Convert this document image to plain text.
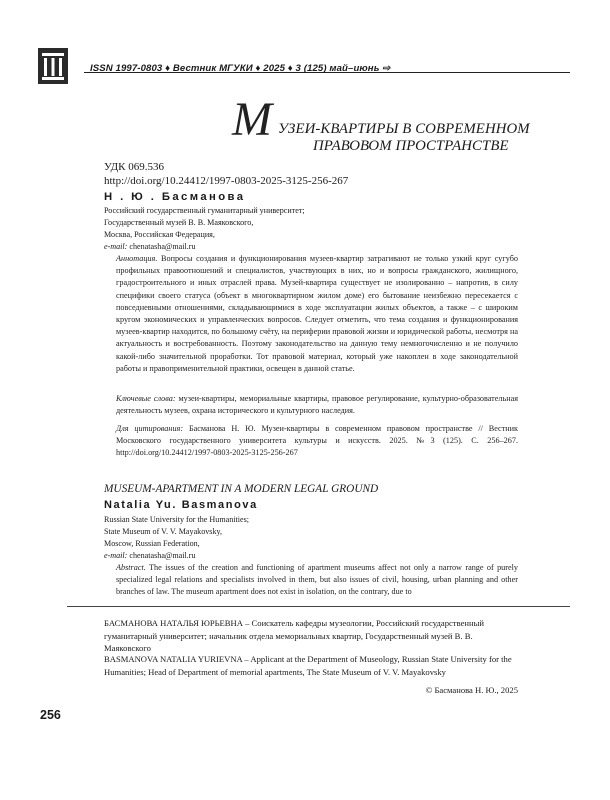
ISSN 1997-0803 ♦ Вестник МГУКИ ♦ 2025 ♦ 3 (125) май–июнь ⇨
М УЗЕИ-КВАРТИРЫ В СОВРЕМЕННОМ
ПРАВОВОМ ПРОСТРАНСТВЕ
УДК 069.536
http://doi.org/10.24412/1997-0803-2025-3125-256-267
Н . Ю . Басманова
Российский государственный гуманитарный университет;
Государственный музей В. В. Маяковского,
Москва, Российская Федерация,
e-mail: chenatasha@mail.ru
Аннотация. Вопросы создания и функционирования музеев-квартир затрагивают не только узкий круг сугубо профильных правоотношений и специалистов, участвующих в них, но и вопросы гражданского, жилищного, градостроительного и иных отраслей права. Музей-квартира существует не изолированно – напротив, в силу специфики своего статуса (объект в многоквартирном жилом доме) его бытование неизбежно пересекается с повседневными отношениями, складывающимися в ходе эксплуатации жилых объектов, а также – с широким кругом экономических и управленческих вопросов. Следует отметить, что тема создания и функционирования музеев-квартир находится, по большому счёту, на периферии правовой жизни и юридической работы, несмотря на актуальность и востребованность. Поэтому законодательство на данную тему немногочисленно и не получило какой-либо значительной проработки. Тот правовой материал, который уже накоплен в ходе законодательной работы и правоприменительной практики, освещен в данной статье.
Ключевые слова: музеи-квартиры, мемориальные квартиры, правовое регулирование, культурно-образовательная деятельность музеев, охрана исторического и культурного наследия.
Для цитирования: Басманова Н. Ю. Музеи-квартиры в современном правовом пространстве // Вестник Московского государственного университета культуры и искусств. 2025. №3 (125). С. 256–267. http://doi.org/10.24412/1997-0803-2025-3125-256-267
MUSEUM-APARTMENT IN A MODERN LEGAL GROUND
Natalia Yu. Basmanova
Russian State University for the Humanities;
State Museum of V. V. Mayakovsky,
Moscow, Russian Federation,
e-mail: chenatasha@mail.ru
Abstract. The issues of the creation and functioning of apartment museums affect not only a narrow range of purely specialized legal relations and specialists involved in them, but also issues of civil, housing, urban planning and other branches of law. The museum apartment does not exist in isolation, on the contrary, due to
БАСМАНОВА НАТАЛЬЯ ЮРЬЕВНА – Соискатель кафедры музеологии, Российский государственный гуманитарный университет; начальник отдела мемориальных квартир, Государственный музей В. В. Маяковского
BASMANOVA NATALIA YURIEVNA – Applicant at the Department of Museology, Russian State University for the Humanities; Head of Department of memorial apartments, The State Museum of V. V. Mayakovsky
© Басманова Н. Ю., 2025
256
